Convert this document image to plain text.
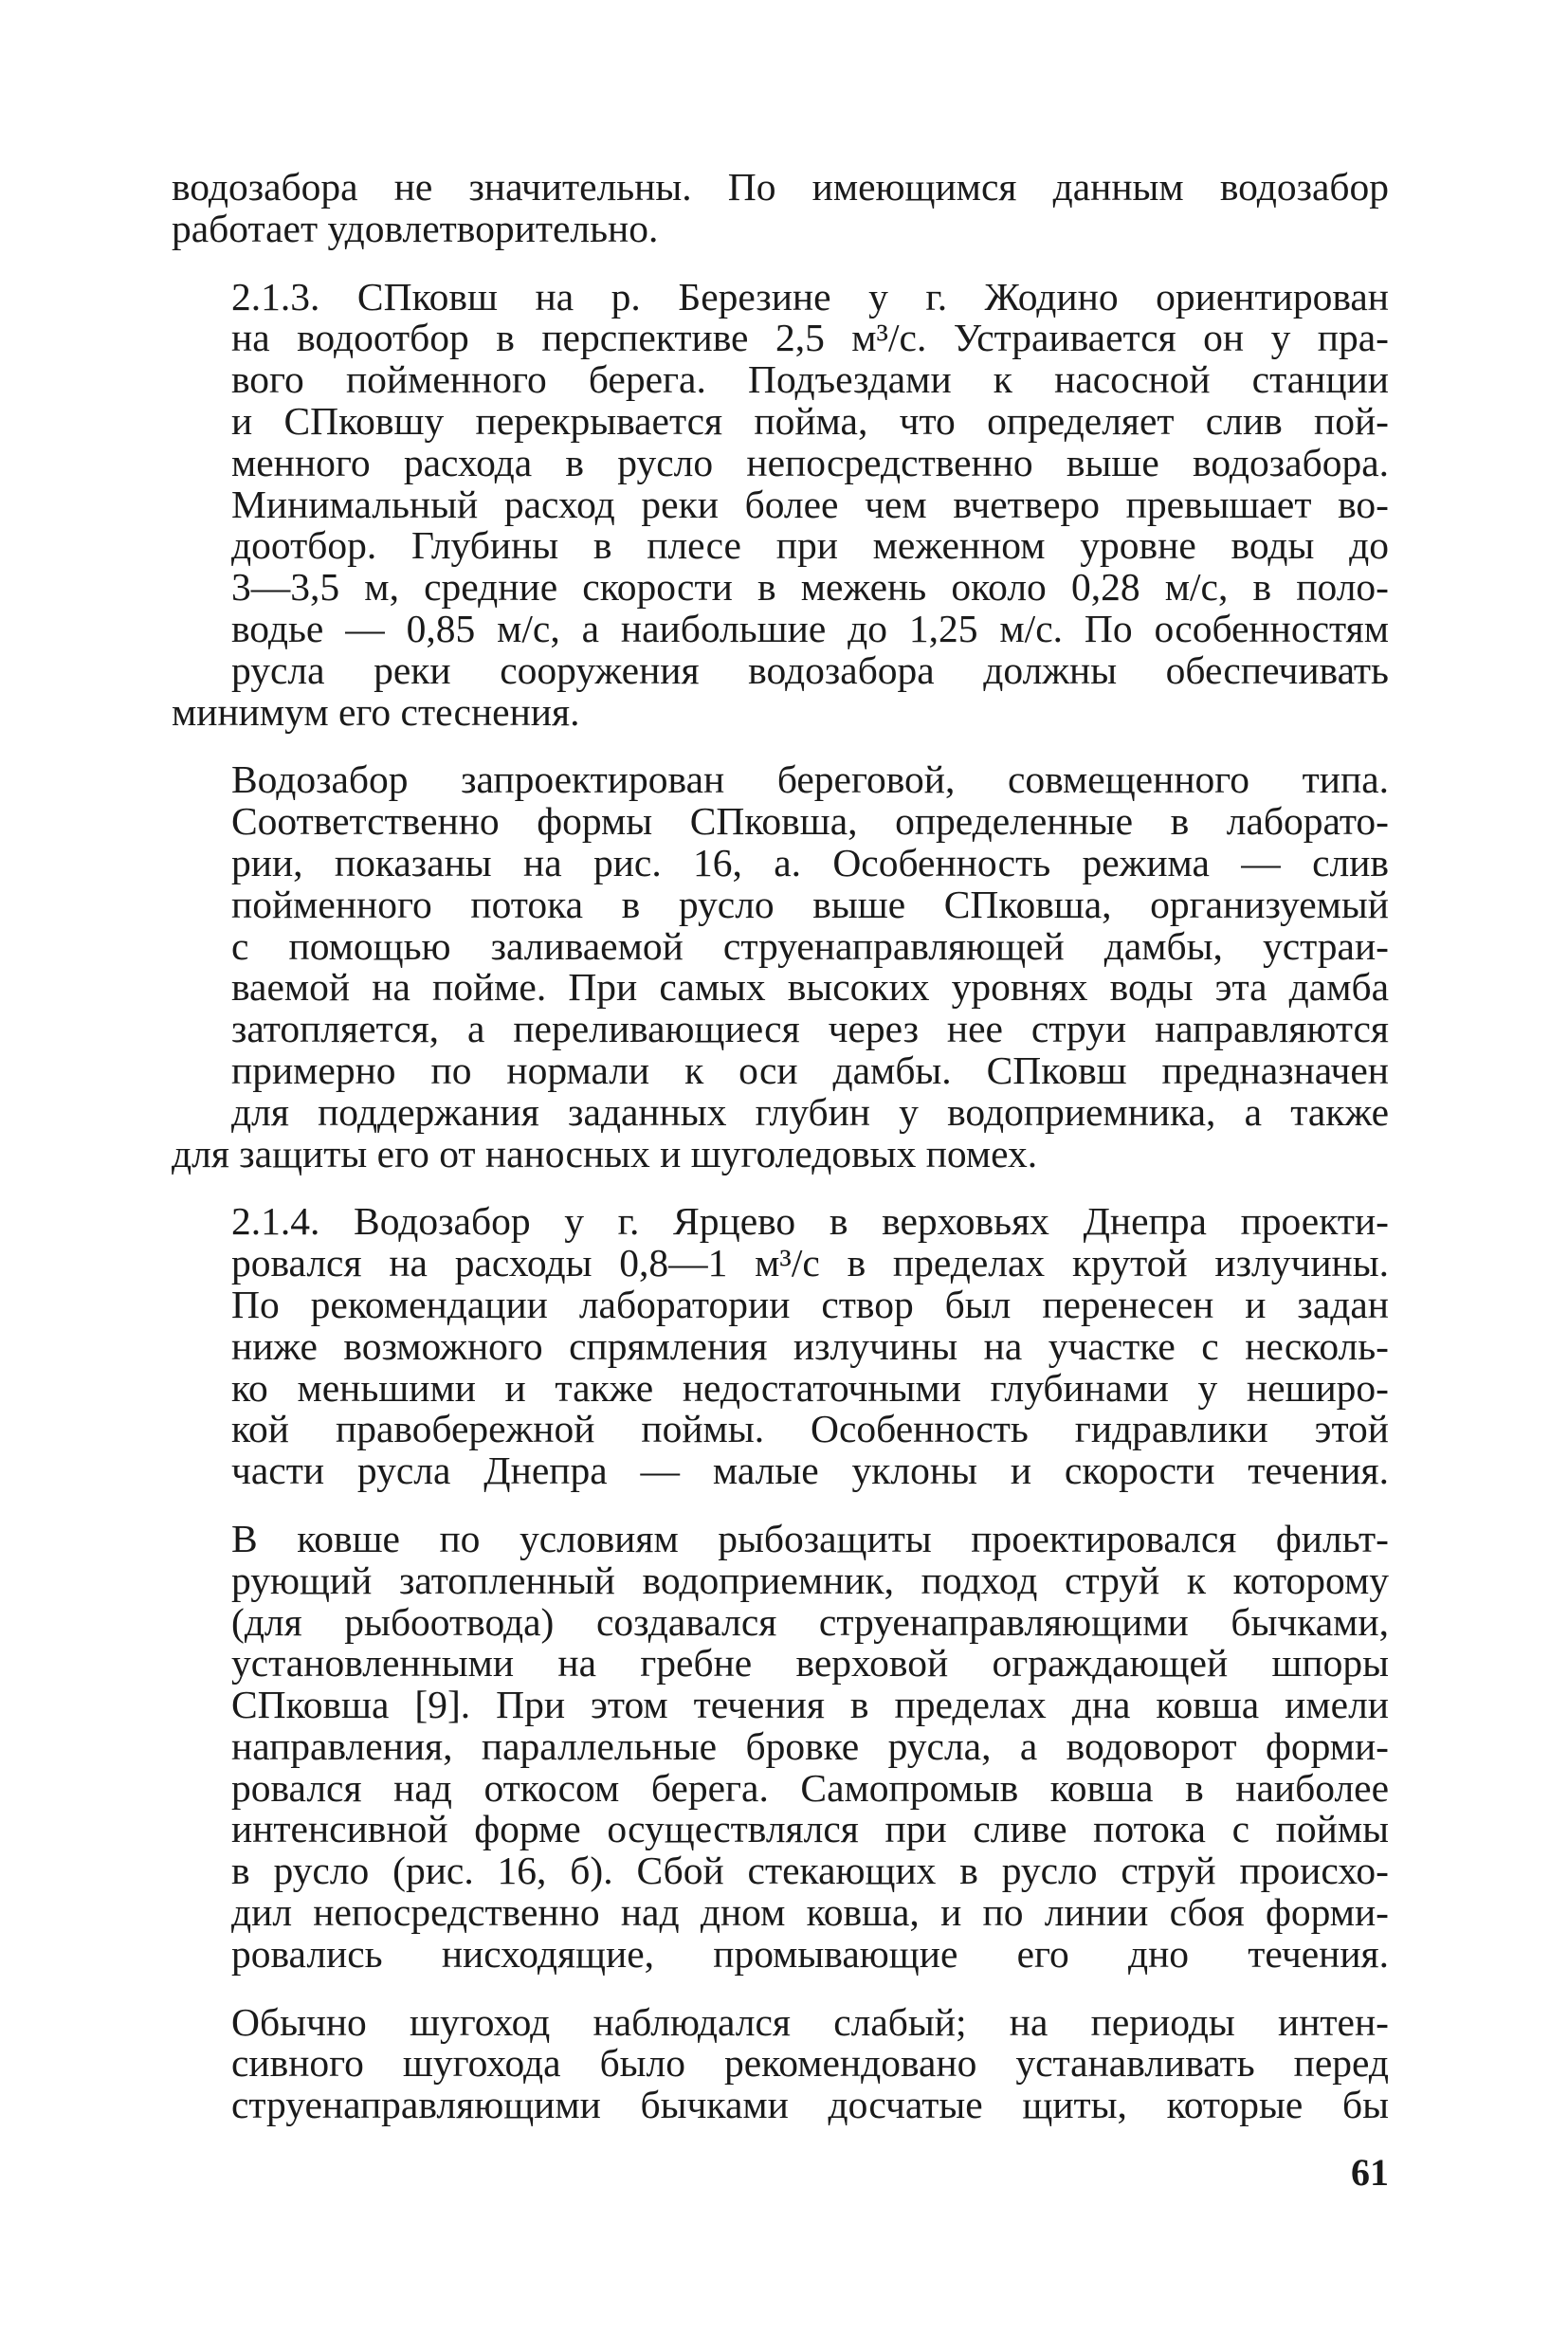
водозабора не значительны. По имеющимся данным водозабор
работает удовлетворительно.

2.1.3. СПковш на р. Березине у г. Жодино ориентирован
на водоотбор в перспективе 2,5 м³/с. Устраивается он у пра-
вого пойменного берега. Подъездами к насосной станции
и СПковшу перекрывается пойма, что определяет слив пой-
менного расхода в русло непосредственно выше водозабора.
Минимальный расход реки более чем вчетверо превышает во-
доотбор. Глубины в плесе при меженном уровне воды до
3—3,5 м, средние скорости в межень около 0,28 м/с, в поло-
водье — 0,85 м/с, а наибольшие до 1,25 м/с. По особенностям
русла реки сооружения водозабора должны обеспечивать
минимум его стеснения.

Водозабор запроектирован береговой, совмещенного типа.
Соответственно формы СПковша, определенные в лаборато-
рии, показаны на рис. 16, а. Особенность режима — слив
пойменного потока в русло выше СПковша, организуемый
с помощью заливаемой струенаправляющей дамбы, устраи-
ваемой на пойме. При самых высоких уровнях воды эта дамба
затопляется, а переливающиеся через нее струи направляются
примерно по нормали к оси дамбы. СПковш предназначен
для поддержания заданных глубин у водоприемника, а также
для защиты его от наносных и шуголедовых помех.

2.1.4. Водозабор у г. Ярцево в верховьях Днепра проекти-
ровался на расходы 0,8—1 м³/с в пределах крутой излучины.
По рекомендации лаборатории створ был перенесен и задан
ниже возможного спрямления излучины на участке с несколь-
ко меньшими и также недостаточными глубинами у неширо-
кой правобережной поймы. Особенность гидравлики этой
части русла Днепра — малые уклоны и скорости течения.

В ковше по условиям рыбозащиты проектировался фильт-
рующий затопленный водоприемник, подход струй к которому
(для рыбоотвода) создавался струенаправляющими бычками,
установленными на гребне верховой ограждающей шпоры
СПковша [9]. При этом течения в пределах дна ковша имели
направления, параллельные бровке русла, а водоворот форми-
ровался над откосом берега. Самопромыв ковша в наиболее
интенсивной форме осуществлялся при сливе потока с поймы
в русло (рис. 16, б). Сбой стекающих в русло струй происхо-
дил непосредственно над дном ковша, и по линии сбоя форми-
ровались нисходящие, промывающие его дно течения.

Обычно шугоход наблюдался слабый; на периоды интен-
сивного шугохода было рекомендовано устанавливать перед
струенаправляющими бычками досчатые щиты, которые бы

61
